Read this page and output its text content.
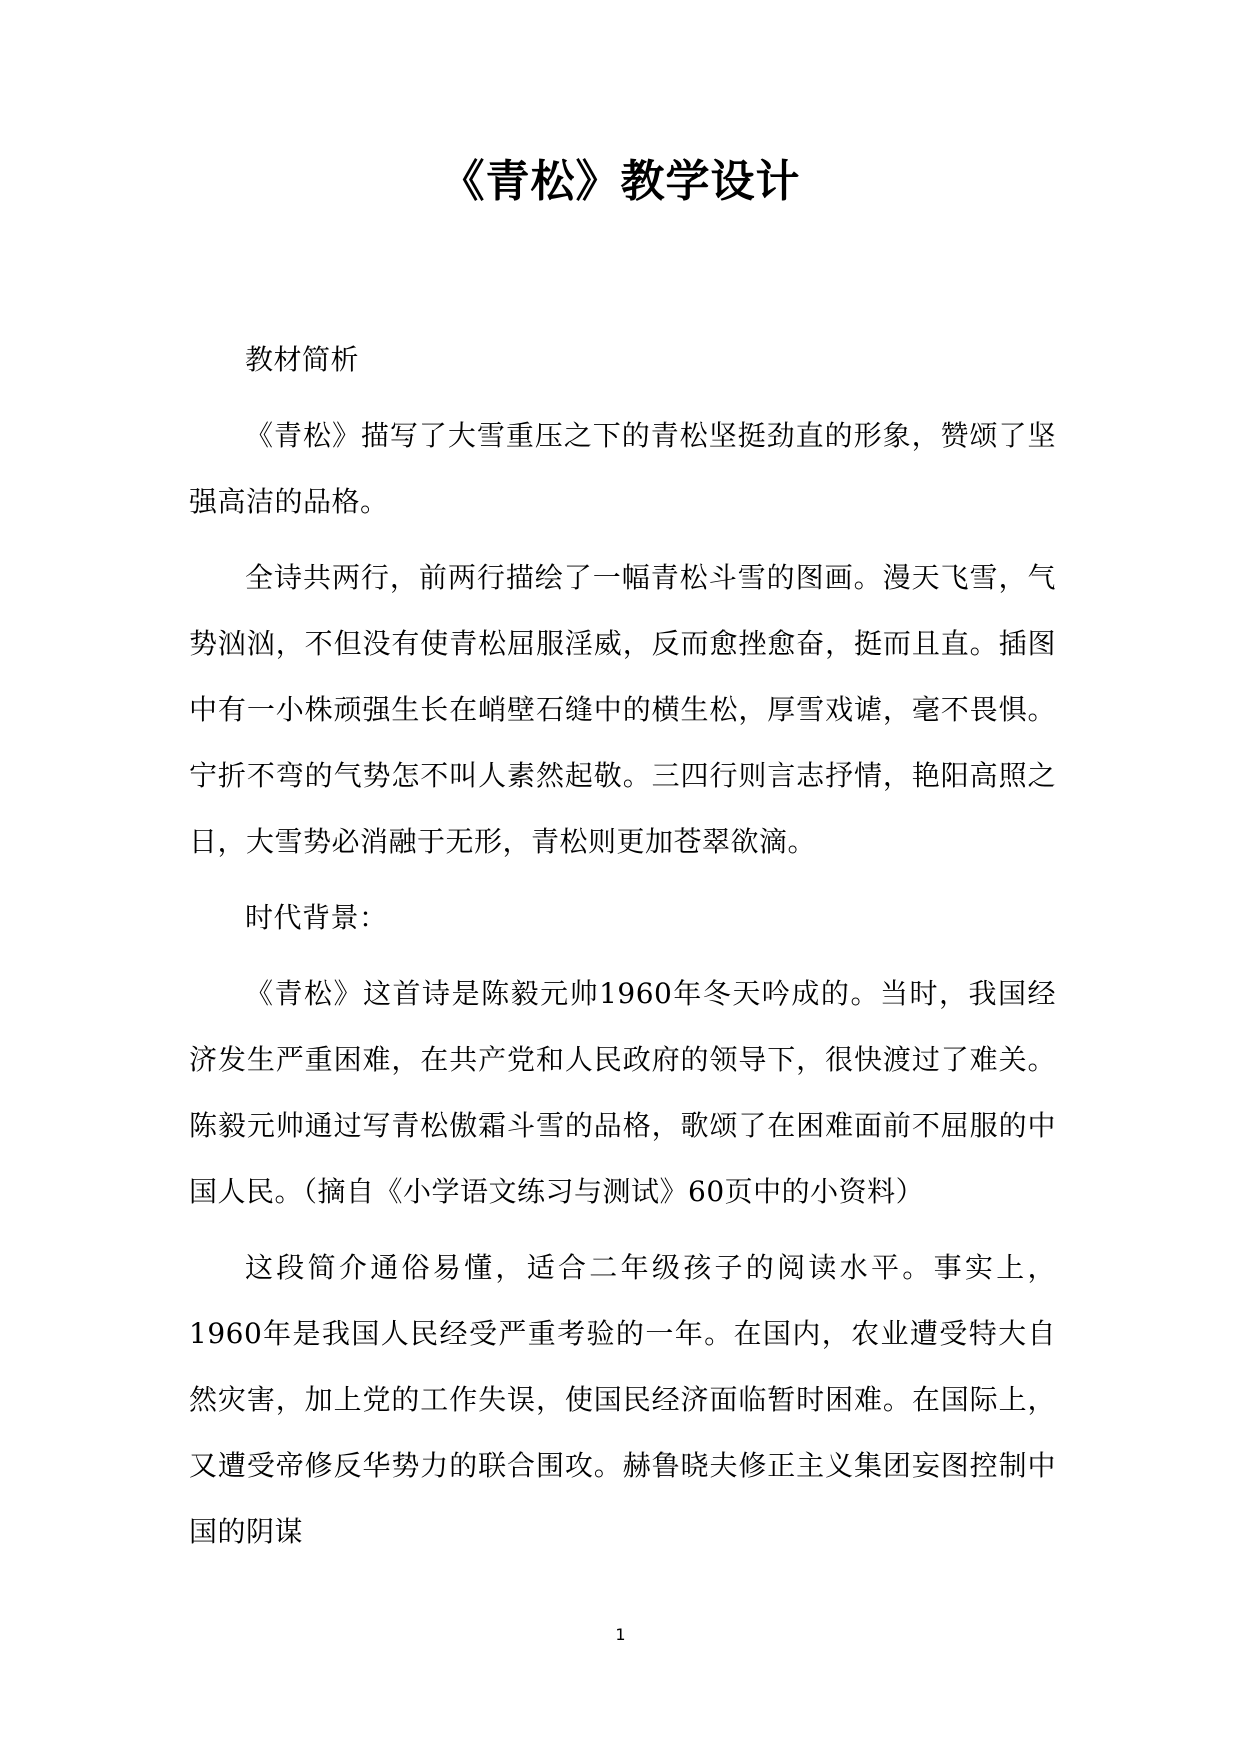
《青松》教学设计

教材简析

《青松》描写了大雪重压之下的青松坚挺劲直的形象，赞颂了坚强高洁的品格。

全诗共两行，前两行描绘了一幅青松斗雪的图画。漫天飞雪，气势汹汹，不但没有使青松屈服淫威，反而愈挫愈奋，挺而且直。插图中有一小株顽强生长在峭壁石缝中的横生松，厚雪戏谑，毫不畏惧。宁折不弯的气势怎不叫人素然起敬。三四行则言志抒情，艳阳高照之日，大雪势必消融于无形，青松则更加苍翠欲滴。

时代背景：

《青松》这首诗是陈毅元帅1960年冬天吟成的。当时，我国经济发生严重困难，在共产党和人民政府的领导下，很快渡过了难关。陈毅元帅通过写青松傲霜斗雪的品格，歌颂了在困难面前不屈服的中国人民。（摘自《小学语文练习与测试》60页中的小资料）

这段简介通俗易懂，适合二年级孩子的阅读水平。事实上，1960年是我国人民经受严重考验的一年。在国内，农业遭受特大自然灾害，加上党的工作失误，使国民经济面临暂时困难。在国际上，又遭受帝修反华势力的联合围攻。赫鲁晓夫修正主义集团妄图控制中国的阴谋

1
